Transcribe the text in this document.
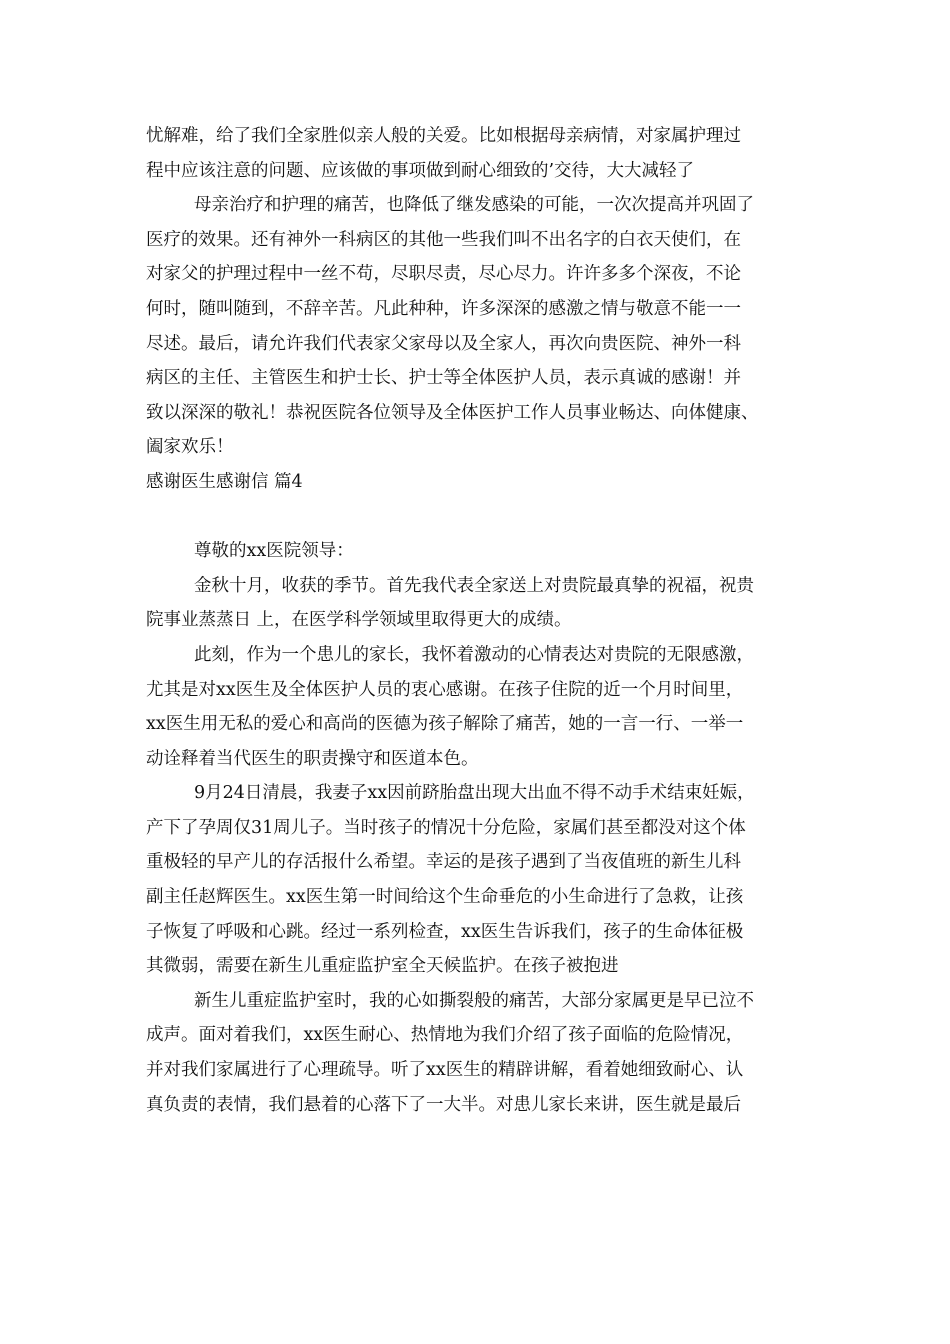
忧解难，给了我们全家胜似亲人般的关爱。比如根据母亲病情，对家属护理过
程中应该注意的问题、应该做的事项做到耐心细致的’交待，大大减轻了
母亲治疗和护理的痛苦，也降低了继发感染的可能，一次次提高并巩固了
医疗的效果。还有神外一科病区的其他一些我们叫不出名字的白衣天使们，在
对家父的护理过程中一丝不苟，尽职尽责，尽心尽力。许许多多个深夜，不论
何时，随叫随到，不辞辛苦。凡此种种，许多深深的感激之情与敬意不能一一
尽述。最后，请允许我们代表家父家母以及全家人，再次向贵医院、神外一科
病区的主任、主管医生和护士长、护士等全体医护人员，表示真诚的感谢！并
致以深深的敬礼！恭祝医院各位领导及全体医护工作人员事业畅达、向体健康、
阖家欢乐！
感谢医生感谢信 篇4
尊敬的xx医院领导：
金秋十月，收获的季节。首先我代表全家送上对贵院最真挚的祝福，祝贵
院事业蒸蒸日 上，在医学科学领域里取得更大的成绩。
此刻，作为一个患儿的家长，我怀着激动的心情表达对贵院的无限感激，
尤其是对xx医生及全体医护人员的衷心感谢。在孩子住院的近一个月时间里，
xx医生用无私的爱心和高尚的医德为孩子解除了痛苦，她的一言一行、一举一
动诠释着当代医生的职责操守和医道本色。
9月24日清晨，我妻子xx因前跻胎盘出现大出血不得不动手术结束妊娠，
产下了孕周仅31周儿子。当时孩子的情况十分危险，家属们甚至都没对这个体
重极轻的早产儿的存活报什么希望。幸运的是孩子遇到了当夜值班的新生儿科
副主任赵辉医生。xx医生第一时间给这个生命垂危的小生命进行了急救，让孩
子恢复了呼吸和心跳。经过一系列检查，xx医生告诉我们，孩子的生命体征极
其微弱，需要在新生儿重症监护室全天候监护。在孩子被抱进
新生儿重症监护室时，我的心如撕裂般的痛苦，大部分家属更是早已泣不
成声。面对着我们，xx医生耐心、热情地为我们介绍了孩子面临的危险情况，
并对我们家属进行了心理疏导。听了xx医生的精辟讲解，看着她细致耐心、认
真负责的表情，我们悬着的心落下了一大半。对患儿家长来讲，医生就是最后
